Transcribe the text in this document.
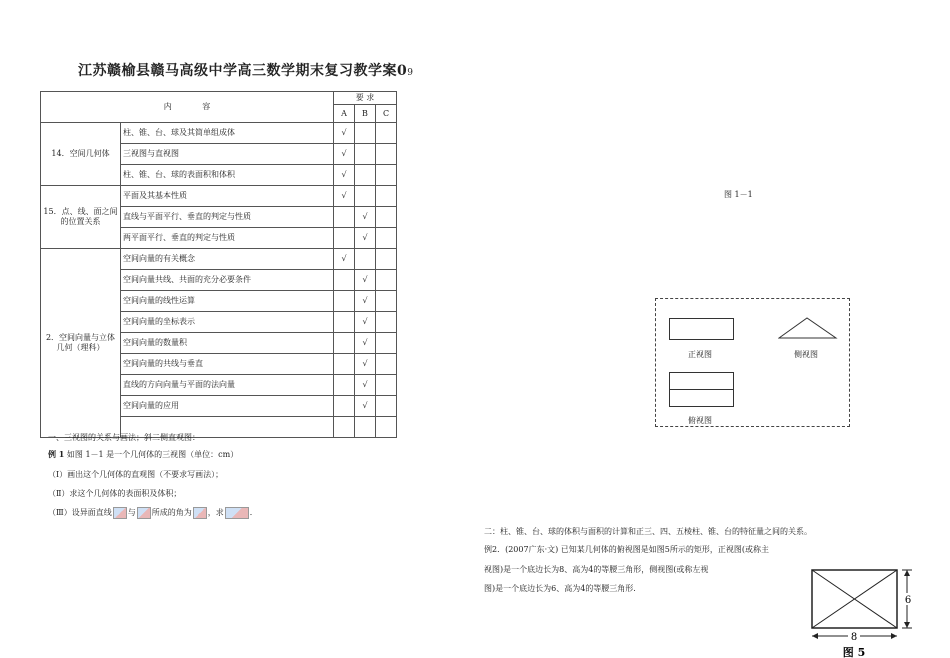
江苏赣榆县赣马高级中学高三数学期末复习教学案09
内            容		要 求		
		A	B	C
14．空间几何体	柱、锥、台、球及其简单组成体	√		
	三视图与直视图	√		
	柱、锥、台、球的表面积和体积	√		
15．点、线、面之间的位置关系	平面及其基本性质	√		
	直线与平面平行、垂直的判定与性质		√	
	两平面平行、垂直的判定与性质		√	
2．空间向量与立体几何（理科）	空间向量的有关概念	√		
	空间向量共线、共面的充分必要条件		√	
	空间向量的线性运算		√	
	空间向量的坐标表示		√	
	空间向量的数量积		√	
	空间向量的共线与垂直		√	
	直线的方向向量与平面的法向量		√	
	空间向量的应用		√	

一、三视图的关系与画法；斜二侧直观图：
例 1 如图 1－1 是一个几何体的三视图（单位：cm）
（Ⅰ）画出这个几何体的直观图（不要求写画法）；
（Ⅱ）求这个几何体的表面积及体积；
（Ⅲ）设异面直线 与 所成的角为 ，求	．
图 1－1
正视图	侧视图
俯视图
二：柱、锥、台、球的体积与面积的计算和正三、四、五棱柱、锥、台的特征量之间的关系。
例2．(2007广东·文) 已知某几何体的俯视图是如图5所示的矩形，正视图(或称主
视图)是一个底边长为8、高为4的等腰三角形，侧视图(或称左视
图)是一个底边长为6、高为4的等腰三角形.
6
8
图 5
